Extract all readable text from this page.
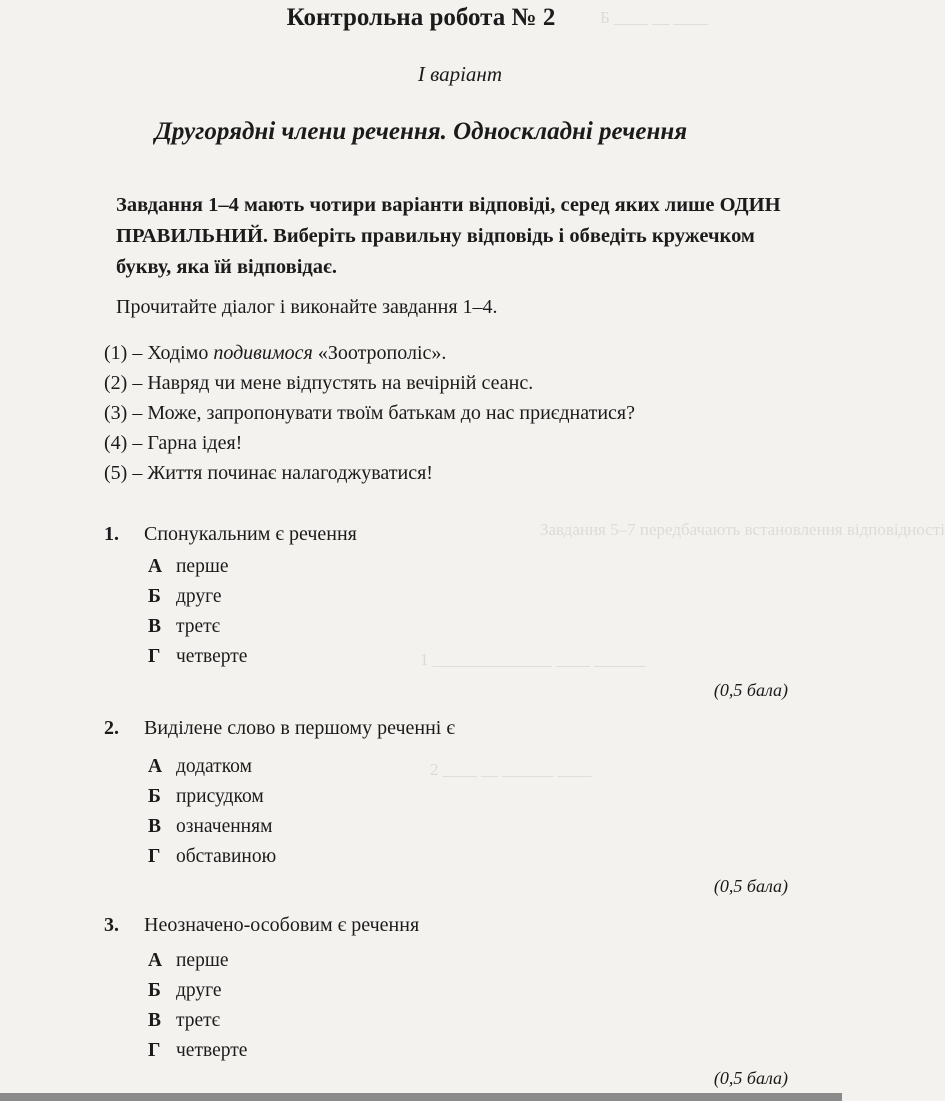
Б ____ __ ____
Завдання 5–7 передбачають встановлення відповідності
1 ______________ ____ ______
2 ____ __ ______ ____
Контрольна робота № 2
I варіант
Другорядні члени речення. Односкладні речення
Завдання 1–4 мають чотири варіанти відповіді, серед яких лише ОДИН ПРАВИЛЬНИЙ. Виберіть правильну відповідь і обведіть кружечком букву, яка їй відповідає.
Прочитайте діалог і виконайте завдання 1–4.
(1) – Ходімо подивимося «Зоотрополіс».
(2) – Навряд чи мене відпустять на вечірній сеанс.
(3) – Може, запропонувати твоїм батькам до нас приєднатися?
(4) – Гарна ідея!
(5) – Життя починає налагоджуватися!
1. Спонукальним є речення
А перше
Б друге
В третє
Г четверте
(0,5 бала)
2. Виділене слово в першому реченні є
А додатком
Б присудком
В означенням
Г обставиною
(0,5 бала)
3. Неозначено-особовим є речення
А перше
Б друге
В третє
Г четверте
(0,5 бала)
